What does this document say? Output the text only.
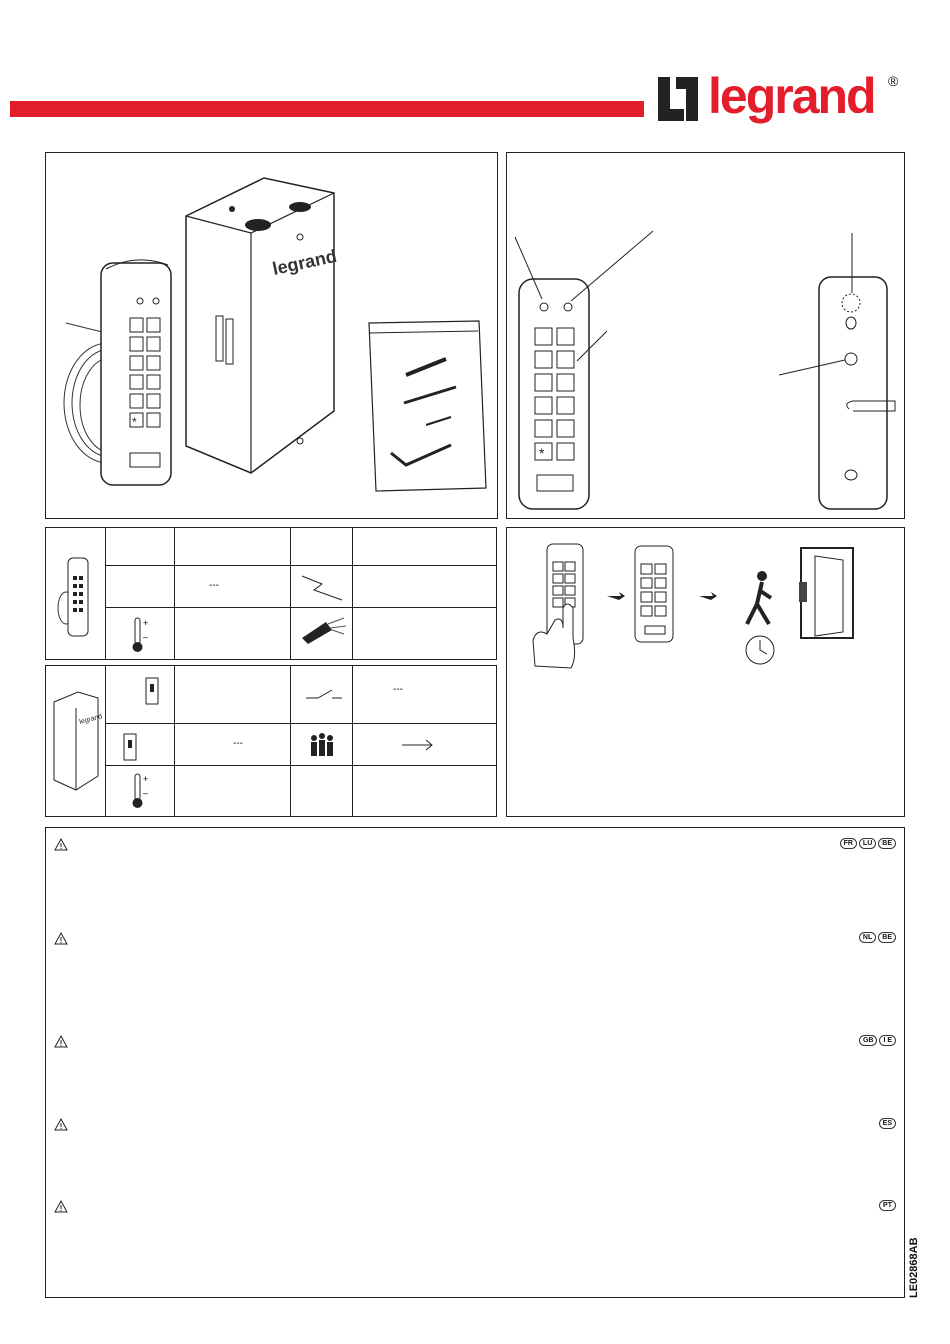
legrand ®
*
legrand
*
---
+
–
legrand
---
+
–
---
FR	LU	BE
NL	BE
GB	I E
ES
PT
LE02868AB
